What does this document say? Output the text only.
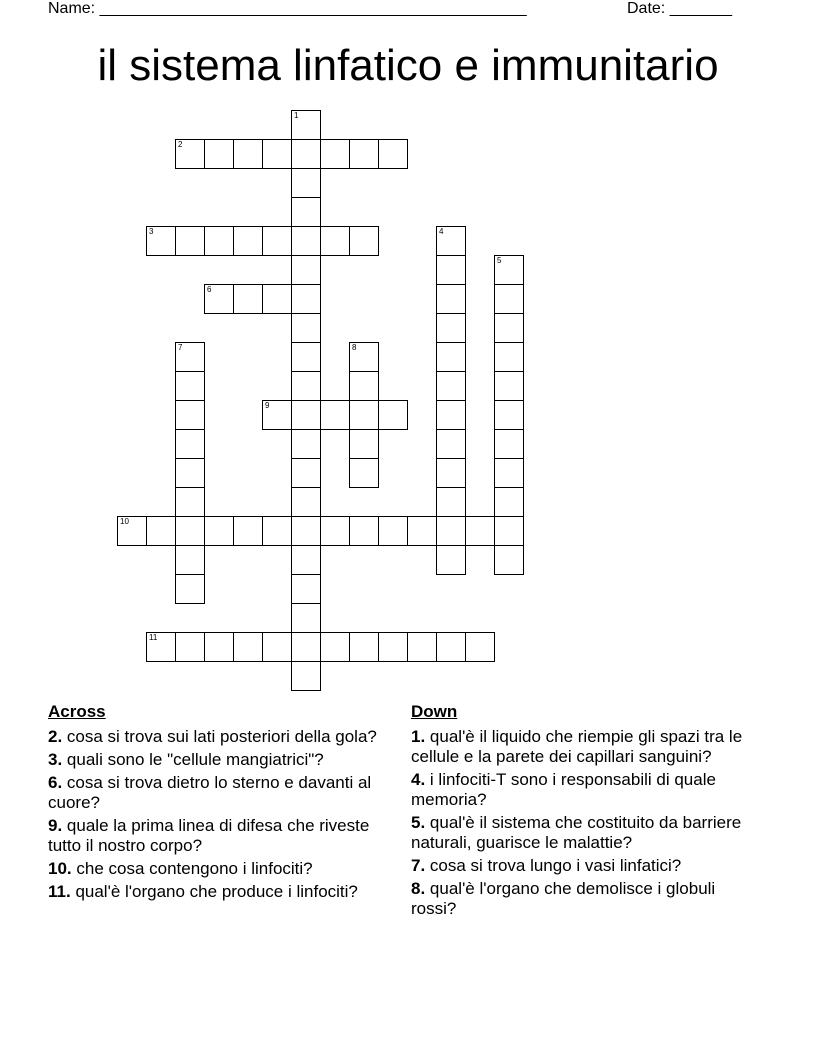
Name: ________________________________________________	Date: _______
il sistema linfatico e immunitario
1
2
3	4
5
6
7	8
9
10
11
Across
2. cosa si trova sui lati posteriori della gola?
3. quali sono le "cellule mangiatrici"?
6. cosa si trova dietro lo sterno e davanti al cuore?
9. quale la prima linea di difesa che riveste tutto il nostro corpo?
10. che cosa contengono i linfociti?
11. qual'è l'organo che produce i linfociti?
Down
1. qual'è il liquido che riempie gli spazi tra le cellule e la parete dei capillari sanguini?
4. i linfociti-T sono i responsabili di quale memoria?
5. qual'è il sistema che costituito da barriere naturali, guarisce le malattie?
7. cosa si trova lungo i vasi linfatici?
8. qual'è l'organo che demolisce i globuli rossi?
